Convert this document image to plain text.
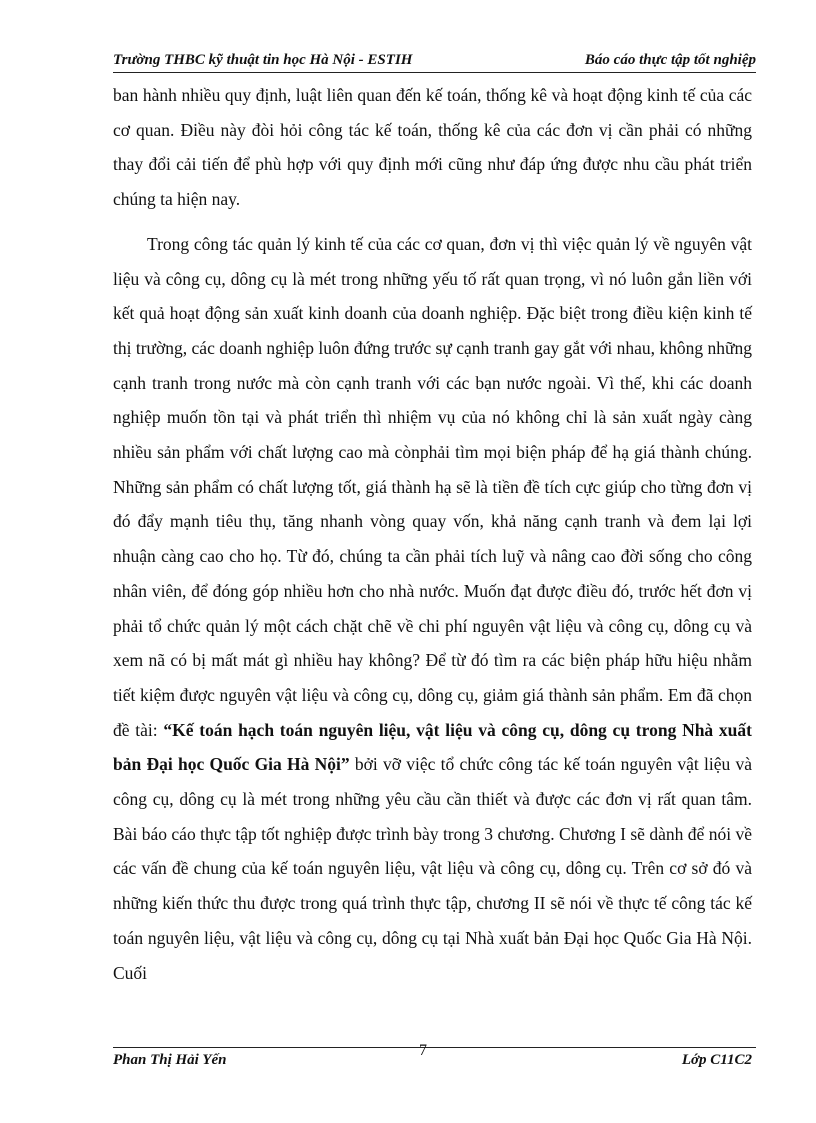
Trường THBC kỹ thuật tin học Hà Nội - ESTIH	Báo cáo thực tập tốt nghiệp

ban hành nhiều quy định, luật liên quan đến kế toán, thống kê và hoạt động kinh tế của các cơ quan. Điều này đòi hỏi công tác kế toán, thống kê của các đơn vị cần phải có những thay đổi cải tiến để phù hợp với quy định mới cũng như đáp ứng được nhu cầu phát triển chúng ta hiện nay.

Trong công tác quản lý kinh tế của các cơ quan, đơn vị thì việc quản lý về nguyên vật liệu và công cụ, dông cụ là mét trong những yếu tố rất quan trọng, vì nó luôn gắn liền với kết quả hoạt động sản xuất kinh doanh của doanh nghiệp. Đặc biệt trong điều kiện kinh tế thị trường, các doanh nghiệp luôn đứng trước sự cạnh tranh gay gắt với nhau, không những cạnh tranh trong nước mà còn cạnh tranh với các bạn nước ngoài. Vì thế, khi các doanh nghiệp muốn tồn tại và phát triển thì nhiệm vụ của nó không chỉ là sản xuất ngày càng nhiều sản phẩm với chất lượng cao mà cònphải tìm mọi biện pháp để hạ giá thành chúng. Những sản phẩm có chất lượng tốt, giá thành hạ sẽ là tiền đề tích cực giúp cho từng đơn vị đó đẩy mạnh tiêu thụ, tăng nhanh vòng quay vốn, khả năng cạnh tranh và đem lại lợi nhuận càng cao cho họ. Từ đó, chúng ta cần phải tích luỹ và nâng cao đời sống cho công nhân viên, để đóng góp nhiều hơn cho nhà nước. Muốn đạt được điều đó, trước hết đơn vị phải tổ chức quản lý một cách chặt chẽ về chi phí nguyên vật liệu và công cụ, dông cụ và xem nã có bị mất mát gì nhiều hay không? Để từ đó tìm ra các biện pháp hữu hiệu nhằm tiết kiệm được nguyên vật liệu và công cụ, dông cụ, giảm giá thành sản phẩm. Em đã chọn đề tài: “Kế toán hạch toán nguyên liệu, vật liệu và công cụ, dông cụ trong Nhà xuất bản Đại học Quốc Gia Hà Nội” bởi vỡ việc tổ chức công tác kế toán nguyên vật liệu và công cụ, dông cụ là mét trong những yêu cầu cần thiết và được các đơn vị rất quan tâm. Bài báo cáo thực tập tốt nghiệp được trình bày trong 3 chương. Chương I sẽ dành để nói về các vấn đề chung của kế toán nguyên liệu, vật liệu và công cụ, dông cụ. Trên cơ sở đó và những kiến thức thu được trong quá trình thực tập, chương II sẽ nói về thực tế công tác kế toán nguyên liệu, vật liệu và công cụ, dông cụ tại Nhà xuất bản Đại học Quốc Gia Hà Nội. Cuối

Phan Thị Hải Yến
7
Lớp C11C2
